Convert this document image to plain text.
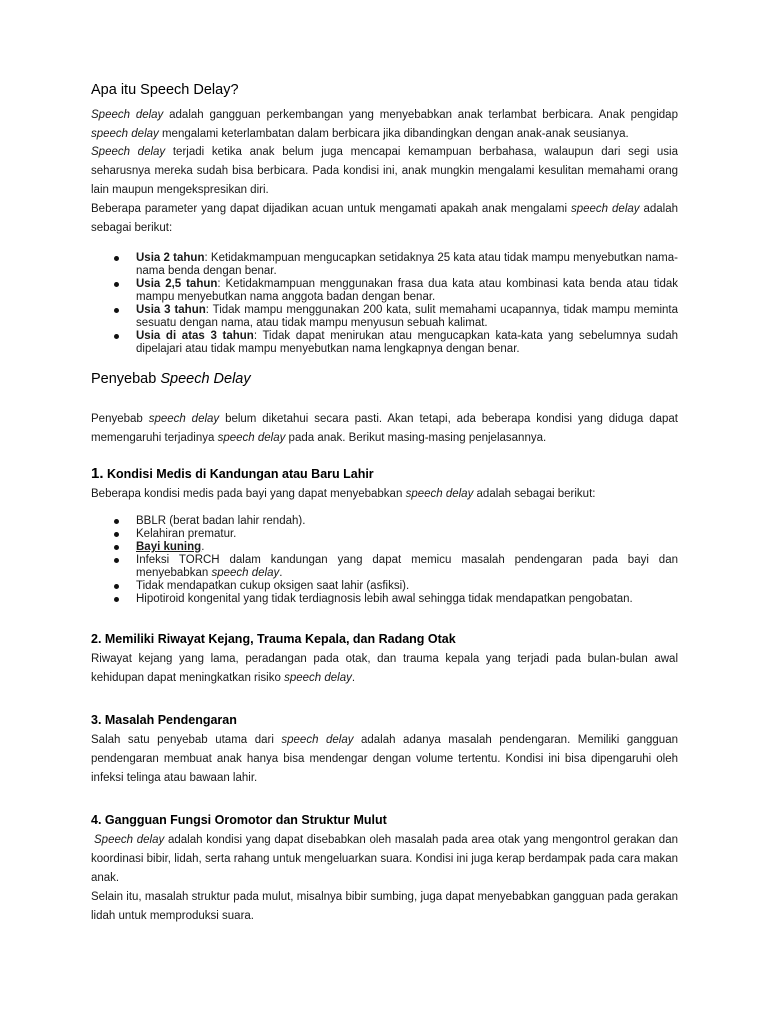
Apa itu Speech Delay?

Speech delay adalah gangguan perkembangan yang menyebabkan anak terlambat berbicara. Anak pengidap speech delay mengalami keterlambatan dalam berbicara jika dibandingkan dengan anak-anak seusianya.

Speech delay terjadi ketika anak belum juga mencapai kemampuan berbahasa, walaupun dari segi usia seharusnya mereka sudah bisa berbicara. Pada kondisi ini, anak mungkin mengalami kesulitan memahami orang lain maupun mengekspresikan diri.

Beberapa parameter yang dapat dijadikan acuan untuk mengamati apakah anak mengalami speech delay adalah sebagai berikut:

Usia 2 tahun: Ketidakmampuan mengucapkan setidaknya 25 kata atau tidak mampu menyebutkan nama-nama benda dengan benar.
Usia 2,5 tahun: Ketidakmampuan menggunakan frasa dua kata atau kombinasi kata benda atau tidak mampu menyebutkan nama anggota badan dengan benar.
Usia 3 tahun: Tidak mampu menggunakan 200 kata, sulit memahami ucapannya, tidak mampu meminta sesuatu dengan nama, atau tidak mampu menyusun sebuah kalimat.
Usia di atas 3 tahun: Tidak dapat menirukan atau mengucapkan kata-kata yang sebelumnya sudah dipelajari atau tidak mampu menyebutkan nama lengkapnya dengan benar.
Penyebab Speech Delay

Penyebab speech delay belum diketahui secara pasti. Akan tetapi, ada beberapa kondisi yang diduga dapat memengaruhi terjadinya speech delay pada anak. Berikut masing-masing penjelasannya.

1. Kondisi Medis di Kandungan atau Baru Lahir

Beberapa kondisi medis pada bayi yang dapat menyebabkan speech delay adalah sebagai berikut:

BBLR (berat badan lahir rendah).
Kelahiran prematur.
Bayi kuning.
Infeksi TORCH dalam kandungan yang dapat memicu masalah pendengaran pada bayi dan menyebabkan speech delay.
Tidak mendapatkan cukup oksigen saat lahir (asfiksi).
Hipotiroid kongenital yang tidak terdiagnosis lebih awal sehingga tidak mendapatkan pengobatan.
2. Memiliki Riwayat Kejang, Trauma Kepala, dan Radang Otak

Riwayat kejang yang lama, peradangan pada otak, dan trauma kepala yang terjadi pada bulan-bulan awal kehidupan dapat meningkatkan risiko speech delay.

3. Masalah Pendengaran

Salah satu penyebab utama dari speech delay adalah adanya masalah pendengaran. Memiliki gangguan pendengaran membuat anak hanya bisa mendengar dengan volume tertentu. Kondisi ini bisa dipengaruhi oleh infeksi telinga atau bawaan lahir.

4. Gangguan Fungsi Oromotor dan Struktur Mulut

Speech delay adalah kondisi yang dapat disebabkan oleh masalah pada area otak yang mengontrol gerakan dan koordinasi bibir, lidah, serta rahang untuk mengeluarkan suara. Kondisi ini juga kerap berdampak pada cara makan anak.

Selain itu, masalah struktur pada mulut, misalnya bibir sumbing, juga dapat menyebabkan gangguan pada gerakan lidah untuk memproduksi suara.
